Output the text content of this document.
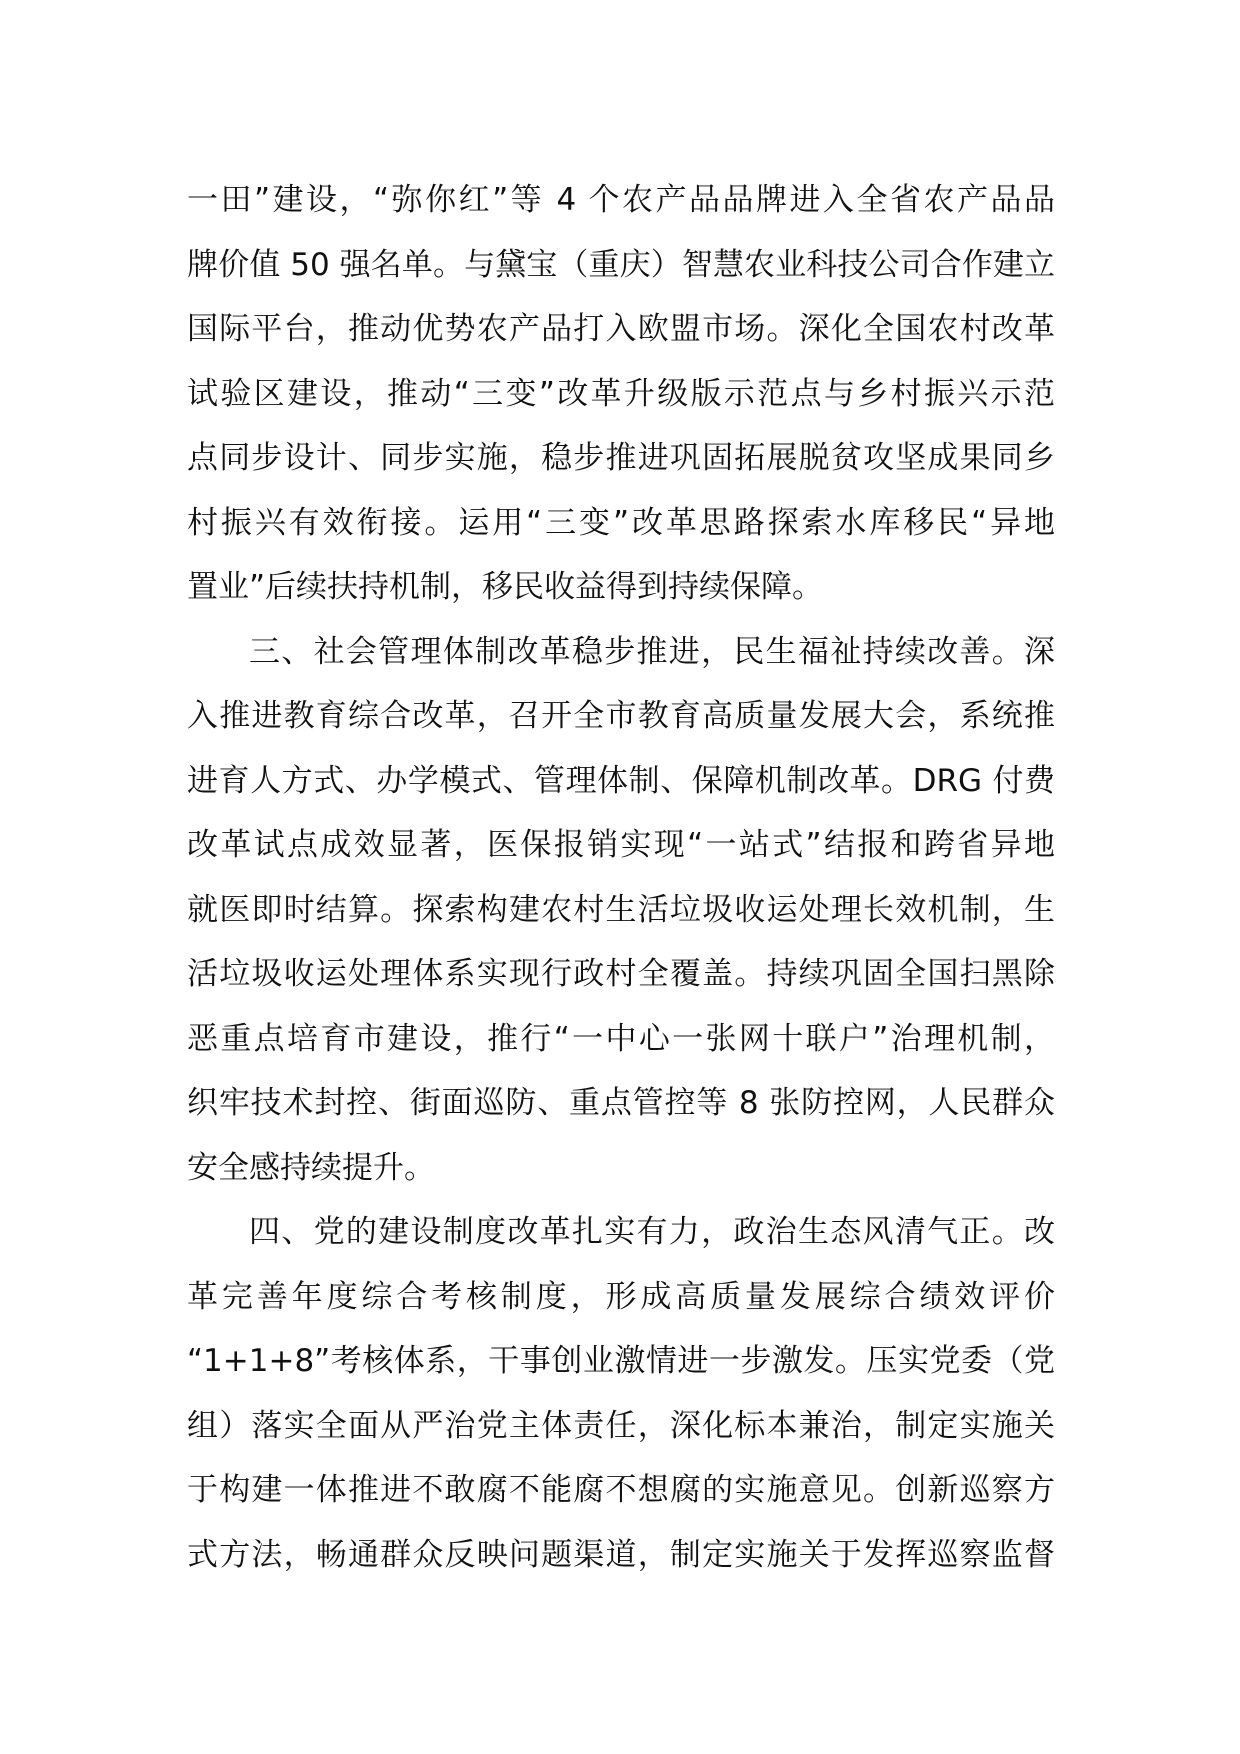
一田”建设，“弥你红”等 4 个农产品品牌进入全省农产品品
牌价值 50 强名单。与黛宝（重庆）智慧农业科技公司合作建立
国际平台，推动优势农产品打入欧盟市场。深化全国农村改革
试验区建设，推动“三变”改革升级版示范点与乡村振兴示范
点同步设计、同步实施，稳步推进巩固拓展脱贫攻坚成果同乡
村振兴有效衔接。运用“三变”改革思路探索水库移民“异地
置业”后续扶持机制，移民收益得到持续保障。
三、社会管理体制改革稳步推进，民生福祉持续改善。深
入推进教育综合改革，召开全市教育高质量发展大会，系统推
进育人方式、办学模式、管理体制、保障机制改革。DRG 付费
改革试点成效显著，医保报销实现“一站式”结报和跨省异地
就医即时结算。探索构建农村生活垃圾收运处理长效机制，生
活垃圾收运处理体系实现行政村全覆盖。持续巩固全国扫黑除
恶重点培育市建设，推行“一中心一张网十联户”治理机制，
织牢技术封控、街面巡防、重点管控等 8 张防控网，人民群众
安全感持续提升。
四、党的建设制度改革扎实有力，政治生态风清气正。改
革完善年度综合考核制度，形成高质量发展综合绩效评价
“1+1+8”考核体系，干事创业激情进一步激发。压实党委（党
组）落实全面从严治党主体责任，深化标本兼治，制定实施关
于构建一体推进不敢腐不能腐不想腐的实施意见。创新巡察方
式方法，畅通群众反映问题渠道，制定实施关于发挥巡察监督
